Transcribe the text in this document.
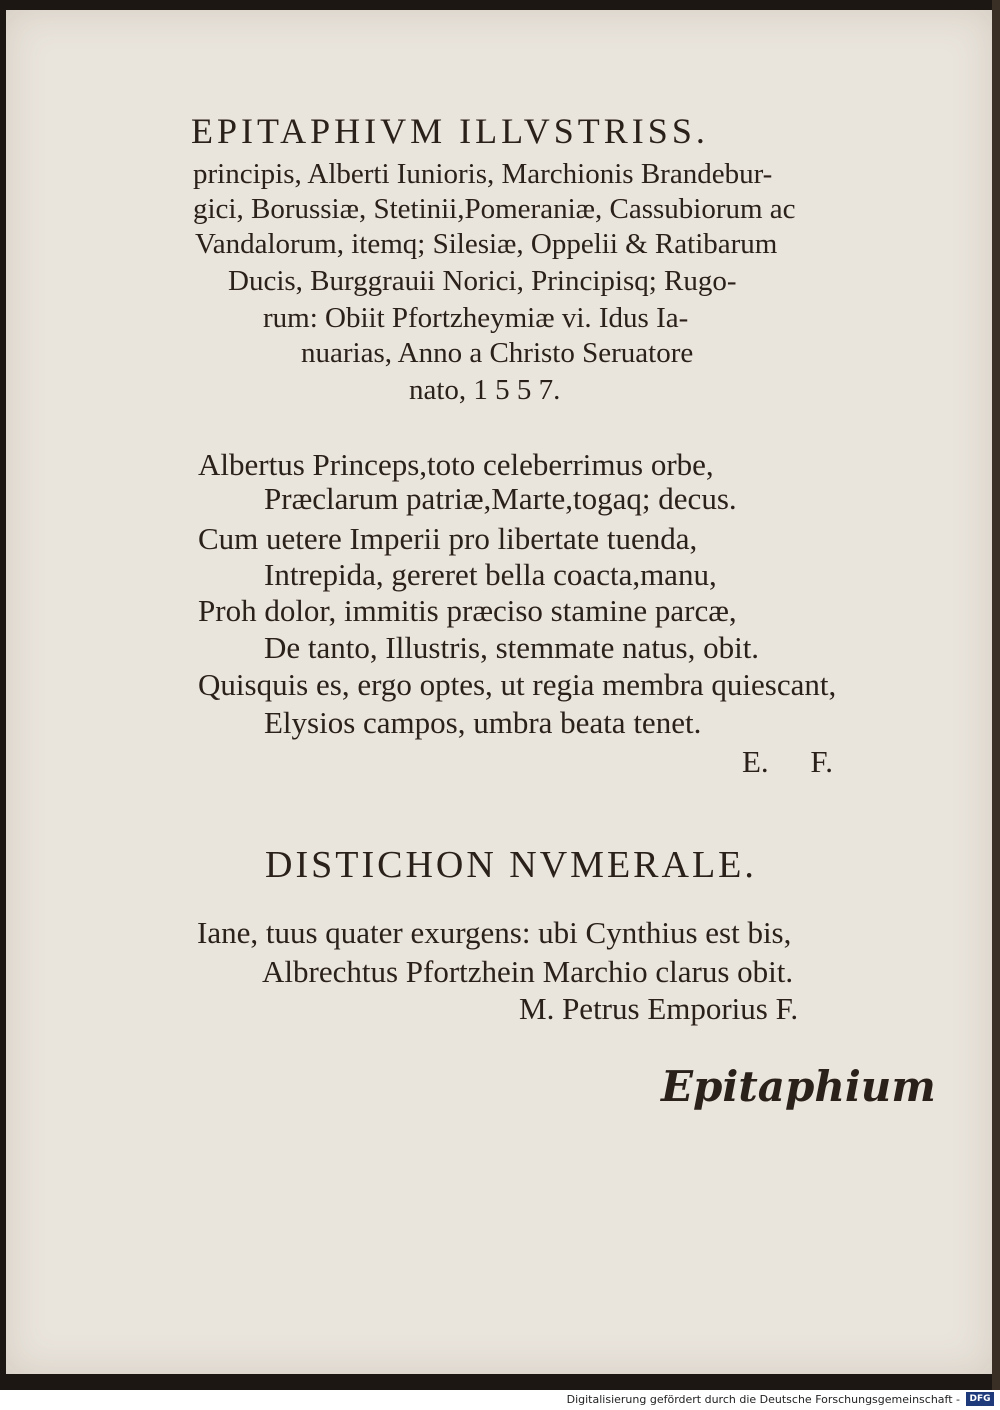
EPITAPHIVM ILLVSTRISS.
principis, Alberti Iunioris, Marchionis Brandebur-
gici, Borussiæ, Stetinii,Pomeraniæ, Cassubiorum ac
Vandalorum, itemq; Silesiæ, Oppelii & Ratibarum
Ducis, Burggrauii Norici, Principisq; Rugo-
rum: Obiit Pfortzheymiæ vi. Idus Ia-
nuarias, Anno a Christo Seruatore
nato, 1 5 5 7.
Albertus Princeps,toto celeberrimus orbe,
Præclarum patriæ,Marte,togaq; decus.
Cum uetere Imperii pro libertate tuenda,
Intrepida, gereret bella coacta,manu,
Proh dolor, immitis præciso stamine parcæ,
De tanto, Illustris, stemmate natus, obit.
Quisquis es, ergo optes, ut regia membra quiescant,
Elysios campos, umbra beata tenet.
E. F.
DISTICHON NVMERALE.
Iane, tuus quater exurgens: ubi Cynthius est bis,
Albrechtus Pfortzhein Marchio clarus obit.
M. Petrus Emporius F.
Epitaphium
Digitalisierung gefördert durch die Deutsche Forschungsgemeinschaft -	DFG
